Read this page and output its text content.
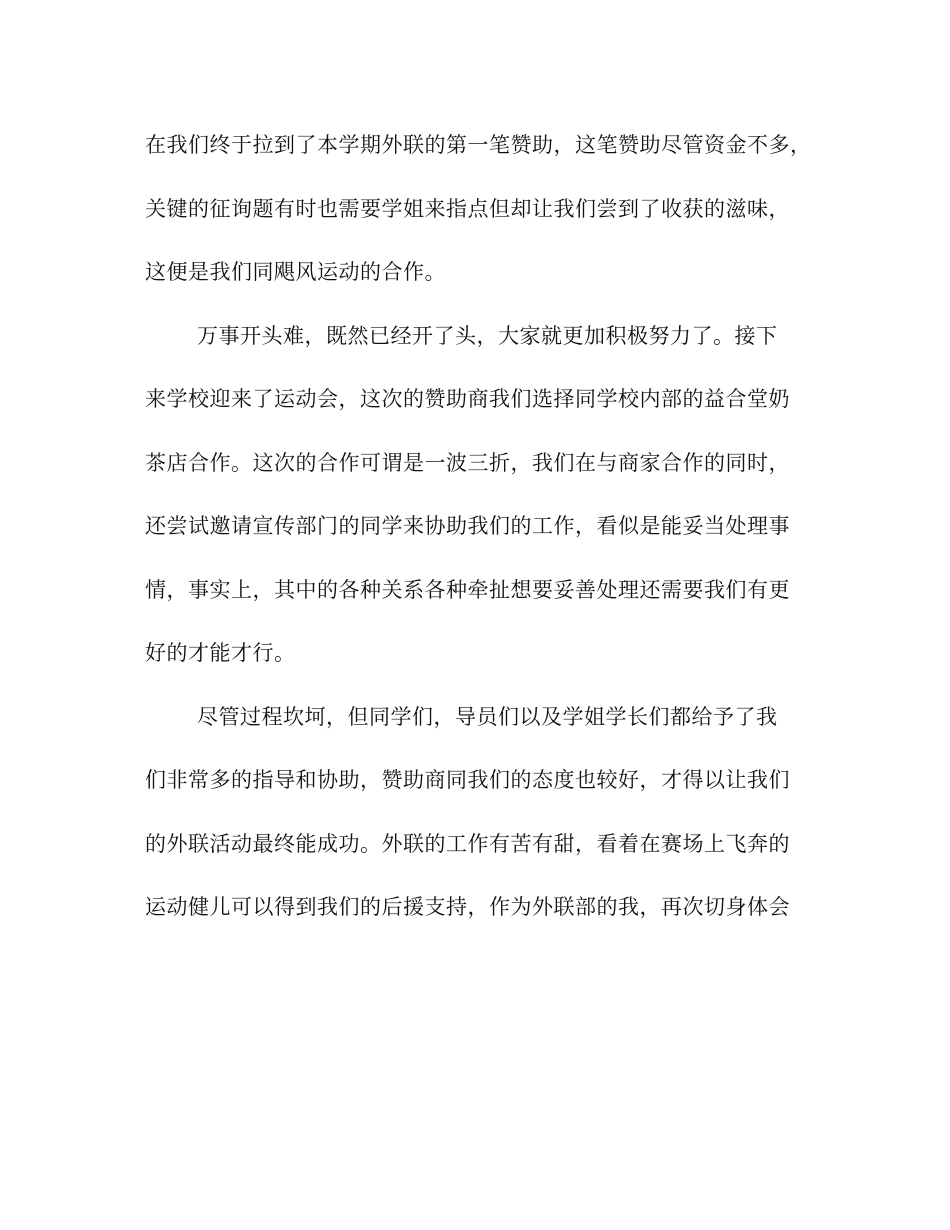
在我们终于拉到了本学期外联的第一笔赞助，这笔赞助尽管资金不多，
关键的征询题有时也需要学姐来指点但却让我们尝到了收获的滋味，
这便是我们同飓风运动的合作。
万事开头难，既然已经开了头，大家就更加积极努力了。接下
来学校迎来了运动会，这次的赞助商我们选择同学校内部的益合堂奶
茶店合作。这次的合作可谓是一波三折，我们在与商家合作的同时，
还尝试邀请宣传部门的同学来协助我们的工作，看似是能妥当处理事
情，事实上，其中的各种关系各种牵扯想要妥善处理还需要我们有更
好的才能才行。
尽管过程坎坷，但同学们，导员们以及学姐学长们都给予了我
们非常多的指导和协助，赞助商同我们的态度也较好，才得以让我们
的外联活动最终能成功。外联的工作有苦有甜，看着在赛场上飞奔的
运动健儿可以得到我们的后援支持，作为外联部的我，再次切身体会
